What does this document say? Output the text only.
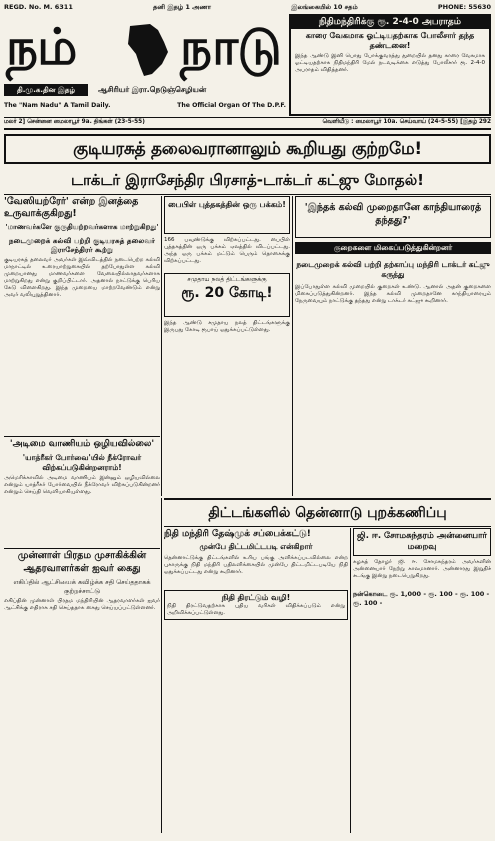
REGD. No. M. 6311	தனி இதழ் 1 அணா	இலங்கையில் 10 சதம்	PHONE: 55630
நம் நாடு
தி.மு.க.தின இதழ்	ஆசிரியர் இரா.நெடுஞ்செழியன்
The "Nam Nadu" A Tamil Daily.	The Official Organ Of The D.P.F.
நிதிமந்திரிக்கு ரூ. 2-4-0 அபராதம்
காரை வேகமாக ஓட்டியதற்காக போலீசார் தந்த தண்டனை!
இந்த ஆண்டு இனி பொது போக்குவரத்து துறையில் தனது காரை வேகமாக ஓட்டியதற்காக நிதிமந்திரி மேல் நடவடிக்கை எடுத்து போலீசார் ரூ. 2-4-0 அபராதம் விதித்தனர்.
மலர் 2] சென்னை மைலாபூர் 9a. திங்கள் (23-5-55)	வெளியீடு : மைலாபூர் 10a. செய்வாய் (24-5-55) [இதழ் 292
குடியரசுத் தலைவரானாலும் கூறியது குற்றமே!
டாக்டர் இராசேந்திர பிரசாத்-டாக்டர் கட்ஜு மோதல்!
'வேஸியற்ரேர்' என்ற இனத்தை உருவாக்குகிறது!
'மாணவர்களே குருதியற்றவர்களாக மாற்றுகிறது'
நடைமுறைக் கல்வி பற்றி குடியரசுத் தலைவர் இராசேந்திரர் கூற்று
குடியரசுத் தலைவர் அவர்கள் இவ்விடத்தில் நடைபெற்ற கல்வி மாநாட்டில் உரையாற்றுகையில் தற்போதுள்ள கல்வி முறையானது மாணவர்களை வேலையில்லாதவர்களாக மாற்றுகிறது என்று குறிப்பிட்டார். அதனால் நாட்டுக்கு பெரிய கேடு விளைகிறது. இந்த முறையை மாற்றவேண்டும் என்று அவர் வலியுறுத்தினார்.
பைபிள் புத்தகத்தின் ஒரு பக்கம்!
166 பவுண்டுக்கு விற்கப்பட்டது. பைபிள் புத்தகத்தின் ஒரு பக்கம் ஏலத்தில் விடப்பட்டது. அந்த ஒரு பக்கம் மட்டும் பெரும் தொகைக்கு விற்கப்பட்டது.
சமுதாய நலத் திட்டங்களுக்கு
ரூ. 20 கோடி!
இந்த ஆண்டு சமுதாய நலத் திட்டங்களுக்கு இருபது கோடி ரூபாய் ஒதுக்கப்பட்டுள்ளது.
'இந்தக் கல்வி முறைதானே காந்தியாரைத் தந்தது?'
குறைகளை மிகைப்படுத்துகின்றனர்
நடைமுறைக் கல்வி பற்றி தற்காப்பு மந்திரி டாக்டர் கட்ஜு கருத்து
இப்போதுள்ள கல்வி முறையில் குறைகள் உண்டு. ஆனால் அதன் குறைகளை மிகைப்படுத்துகின்றனர். இந்த கல்வி முறைதானே காந்தியாரையும் நேருவையும் நாட்டுக்கு தந்தது என்று டாக்டர் கட்ஜு கூறினார்.
'அடிமை வாணியம் ஒழியவில்லை'
'யாத்ரீகர் போர்வை'யில் நீக்ரோவர் விற்கப்படுகின்றனராம்!
அமெரிக்காவில் அடிமை வாணிபம் இன்னும் ஒழியவில்லை என்றும் யாத்ரீகர் போர்வையில் நீக்ரோவர் விற்கப்படுகின்றனர் என்றும் செய்தி வெளியாகியுள்ளது.
திட்டங்களில் தென்னாடு புறக்கணிப்பு
நிதி மந்திரி தேஷ்முக் சப்பைக்கட்டு!
முன்பே திட்டமிட்டபடி என்கிறார்
தென்னாட்டுக்கு திட்டங்களில் உரிய பங்கு அளிக்கப்படவில்லை என்ற புகாருக்கு நிதி மந்திரி பதிலளிக்கையில் முன்பே திட்டமிட்டபடியே நிதி ஒதுக்கப்பட்டது என்று கூறினார்.
நிதி திரட்டும் வழி!
நிதி திரட்டுவதற்காக புதிய வரிகள் விதிக்கப்படும் என்று அறிவிக்கப்பட்டுள்ளது.
ஜி. ஈ. சோமசுந்தரம் அன்னையார் மறைவு
கழகத் தோழர் ஜி. ஈ. சோமசுந்தரம் அவர்களின் அன்னையார் நேற்று காலமானார். அன்னாரது இறுதிச் சடங்கு இன்று நடைபெறுகிறது.
நன்கொடை ரூ. 1,000 - ரூ. 100 - ரூ. 100 - ரூ. 100 -
முன்னாள் பிரதம முசாகிக்கின் ஆதரவாளர்கள் ஐவர் கைது
எகிப்தில் ஆட்சியைக் கவிழ்க்க சதி செய்ததாகக் குற்றச்சாட்டு
எகிப்தின் முன்னாள் பிரதம மந்திரியின் ஆதரவாளர்கள் ஐவர் ஆட்சிக்கு எதிராக சதி செய்ததாக கைது செய்யப்பட்டுள்ளனர்.
